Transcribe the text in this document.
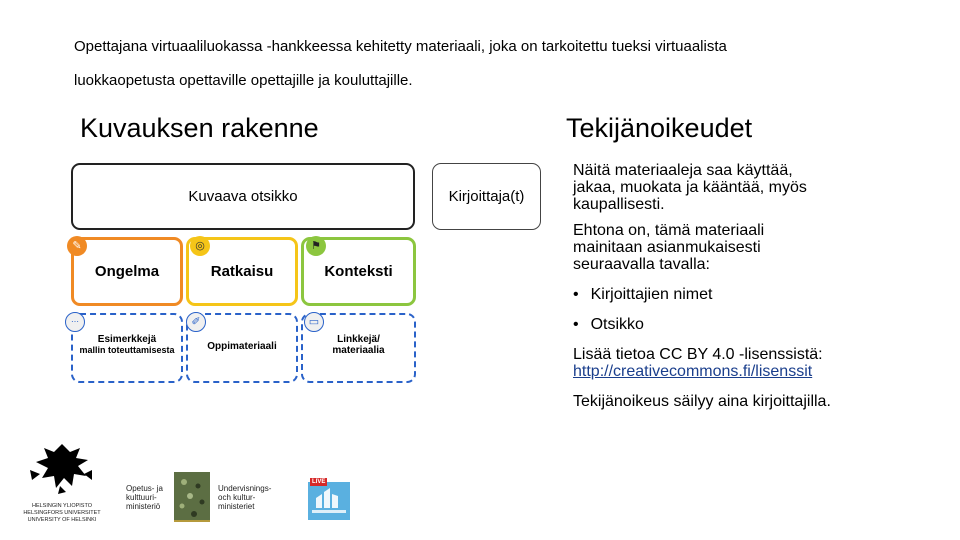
Opettajana virtuaaliluokassa -hankkeessa kehitetty materiaali, joka on tarkoitettu tueksi virtuaalista
luokkaopetusta opettaville opettajille ja kouluttajille.
Kuvauksen rakenne
Kuvaava otsikko	Kirjoittaja(t)
Ongelma	Ratkaisu	Konteksti
Esimerkkejä
mallin toteuttamisesta	Oppimateriaali
Linkkejä/
materiaalia
✎	◎	⚑
⋯	✐	▭
Tekijänoikeudet

Näitä materiaaleja saa käyttää,
jakaa, muokata ja kääntää, myös
kaupallisesti.

Ehtona on, tämä materiaali
mainitaan asianmukaisesti
seuraavalla tavalla:

• Kirjoittajien nimet

• Otsikko

Lisää tietoa CC BY 4.0 -lisenssistä:

http://creativecommons.fi/lisenssit

Tekijänoikeus säilyy aina kirjoittajilla.

HELSINGIN YLIOPISTO
HELSINGFORS UNIVERSITET
UNIVERSITY OF HELSINKI
Opetus- ja
kulttuuri-
ministeriö
Undervisnings-
och kultur-
ministeriet
LIVE
